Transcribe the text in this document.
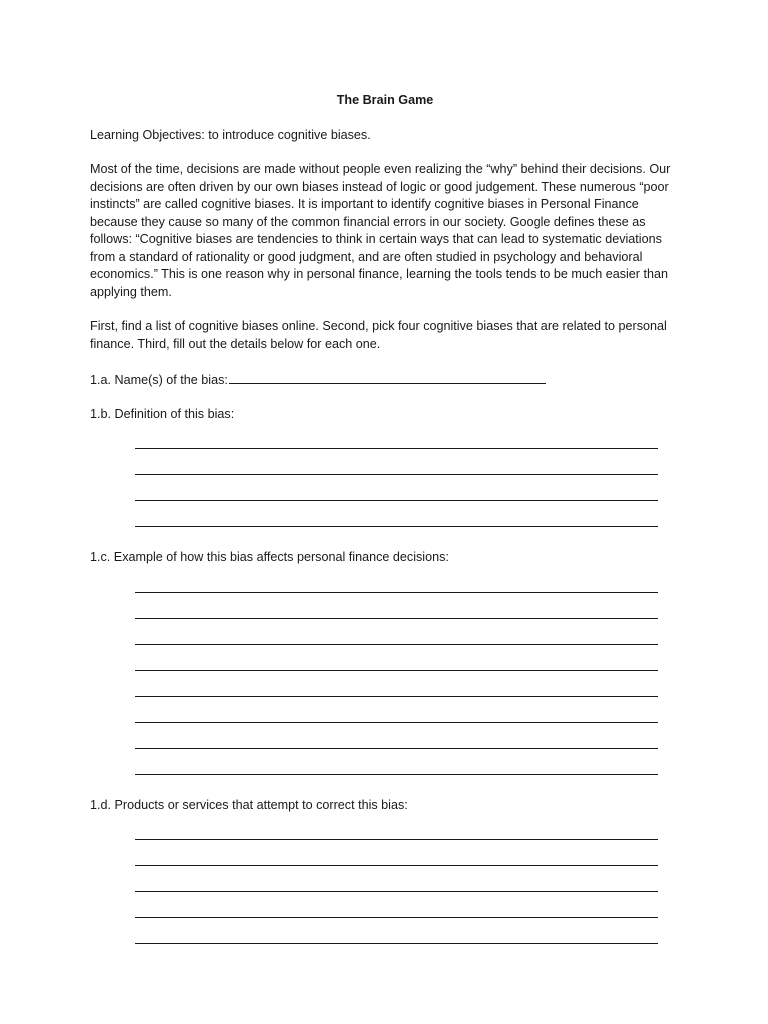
The Brain Game
Learning Objectives: to introduce cognitive biases.
Most of the time, decisions are made without people even realizing the “why” behind their decisions. Our decisions are often driven by our own biases instead of logic or good judgement. These numerous “poor instincts” are called cognitive biases. It is important to identify cognitive biases in Personal Finance because they cause so many of the common financial errors in our society. Google defines these as follows: “Cognitive biases are tendencies to think in certain ways that can lead to systematic deviations from a standard of rationality or good judgment, and are often studied in psychology and behavioral economics.” This is one reason why in personal finance, learning the tools tends to be much easier than applying them.
First, find a list of cognitive biases online. Second, pick four cognitive biases that are related to personal finance. Third, fill out the details below for each one.
1.a. Name(s) of the bias:
1.b. Definition of this bias:
1.c. Example of how this bias affects personal finance decisions:
1.d. Products or services that attempt to correct this bias:
